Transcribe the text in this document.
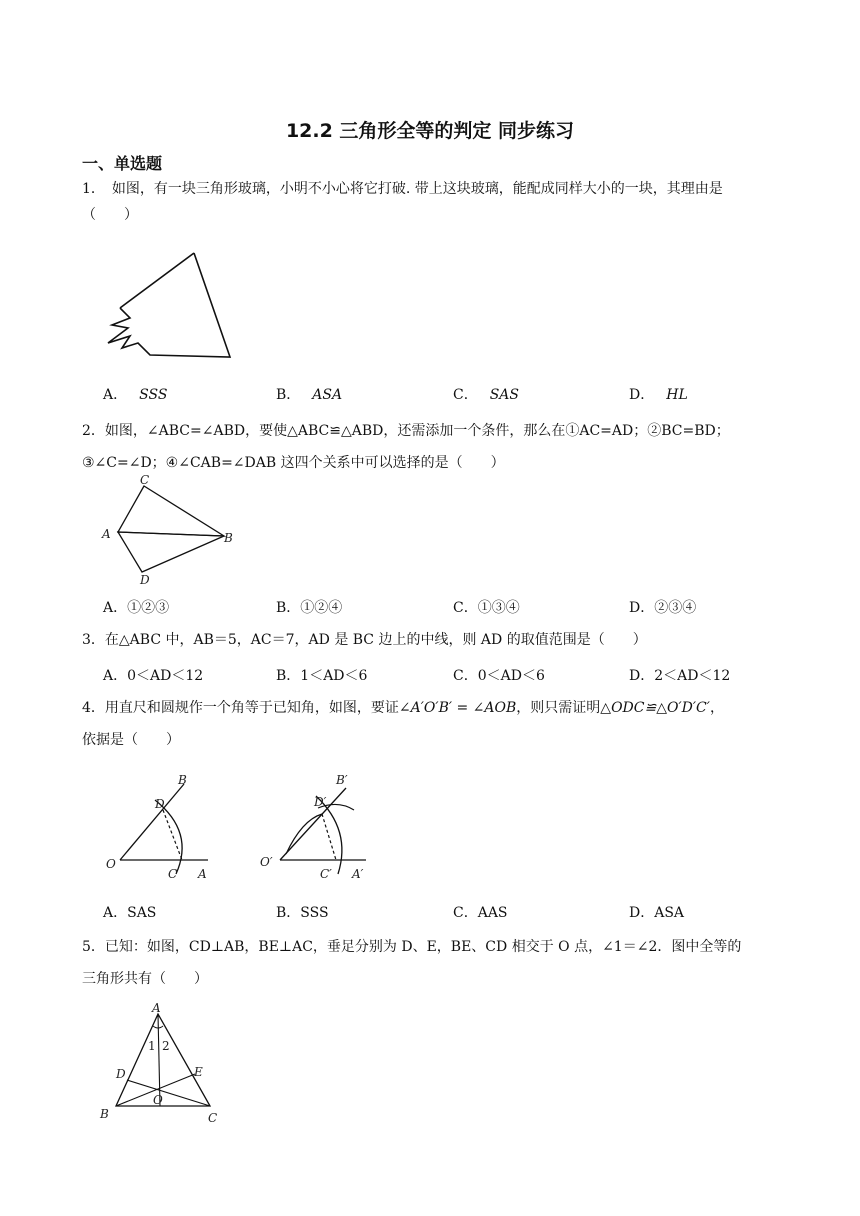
12.2 三角形全等的判定 同步练习
一、单选题
1．　如图，有一块三角形玻璃，小明不小心将它打破. 带上这块玻璃，能配成同样大小的一块，其理由是
（　　）
A． SSS	B． ASA	C． SAS	D． HL
2．如图，∠ABC=∠ABD，要使△ABC≌△ABD，还需添加一个条件，那么在①AC=AD；②BC=BD；
③∠C=∠D；④∠CAB=∠DAB 这四个关系中可以选择的是（　　）
C
A	B
D
A．①②③	B．①②④	C．①③④	D．②③④
3．在△ABC 中，AB＝5，AC＝7，AD 是 BC 边上的中线，则 AD 的取值范围是（　　）
A．0＜AD＜12	B．1＜AD＜6	C．0＜AD＜6	D．2＜AD＜12
4．用直尺和圆规作一个角等于已知角，如图，要证∠A′O′B′ = ∠AOB，则只需证明△ODC≌△O′D′C′，
依据是（　　）
B
D
O
C A
B′
D′
O′
C′ A′
A．SAS	B．SSS	C．AAS	D．ASA
5．已知：如图，CD⊥AB，BE⊥AC，垂足分别为 D、E，BE、CD 相交于 O 点，∠1＝∠2．图中全等的
三角形共有（　　）
A
1 2
D	E
O
B	C
